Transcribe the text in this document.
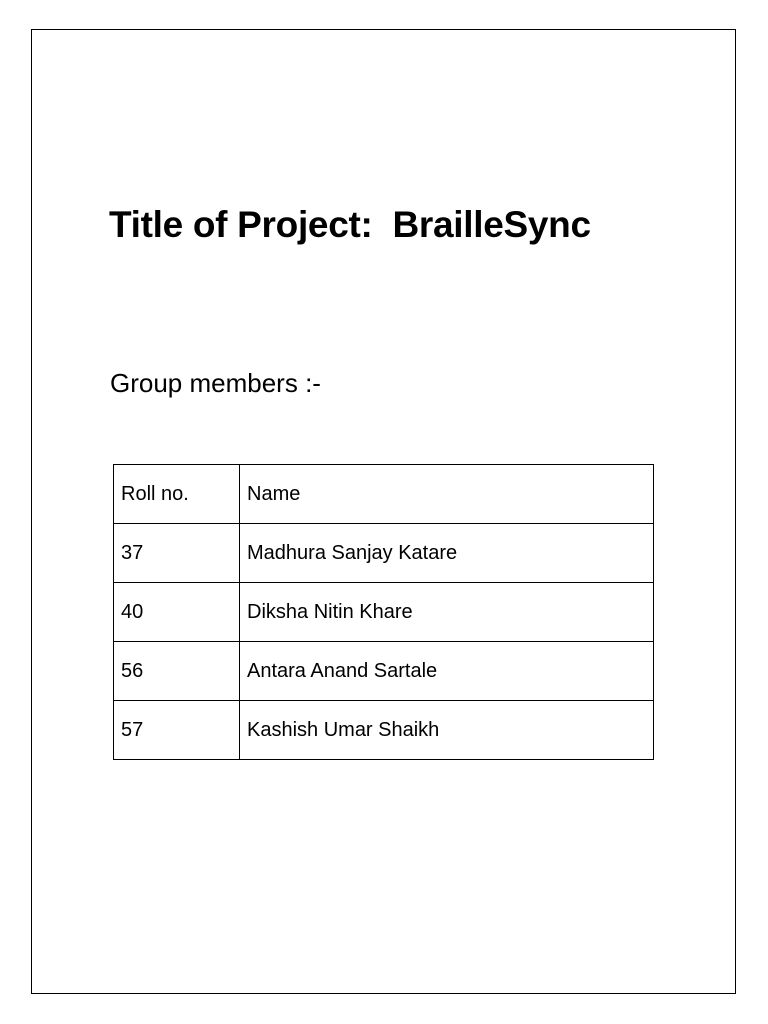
Title of Project:  BrailleSync

Group members :-

Roll no.	Name
37	Madhura Sanjay Katare
40	Diksha Nitin Khare
56	Antara Anand Sartale
57	Kashish Umar Shaikh
